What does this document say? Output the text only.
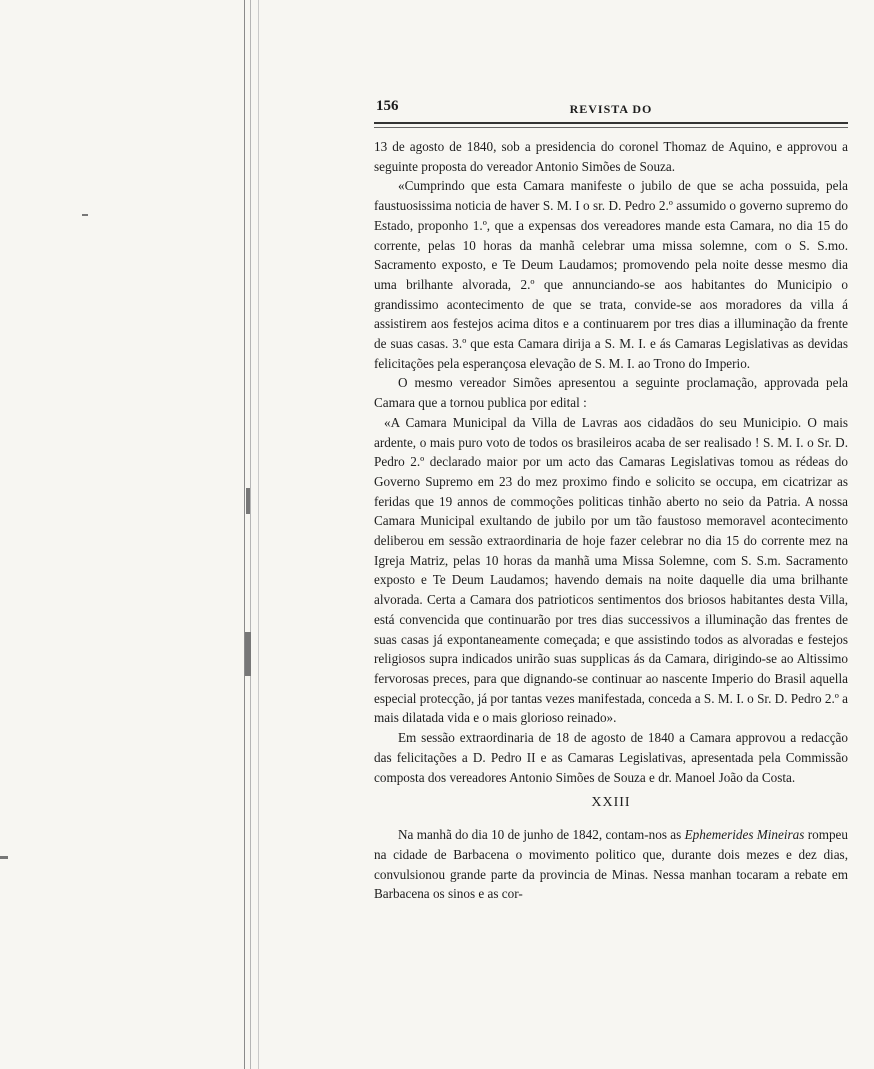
156	REVISTA DO

13 de agosto de 1840, sob a presidencia do coronel Thomaz de Aquino, e approvou a seguinte proposta do vereador Antonio Simões de Souza.

«Cumprindo que esta Camara manifeste o jubilo de que se acha possuida, pela faustuosissima noticia de haver S. M. I o sr. D. Pedro 2.º assumido o governo supremo do Estado, proponho 1.º, que a expensas dos vereadores mande esta Camara, no dia 15 do corrente, pelas 10 horas da manhã celebrar uma missa solemne, com o S. S.mo. Sacramento exposto, e Te Deum Laudamos; promovendo pela noite desse mesmo dia uma brilhante alvorada, 2.º que annunciando-se aos habitantes do Municipio o grandissimo acontecimento de que se trata, convide-se aos moradores da villa á assistirem aos festejos acima ditos e a continuarem por tres dias a illuminação da frente de suas casas. 3.º que esta Camara dirija a S. M. I. e ás Camaras Legislativas as devidas felicitações pela esperançosa elevação de S. M. I. ao Trono do Imperio.

O mesmo vereador Simões apresentou a seguinte proclamação, approvada pela Camara que a tornou publica por edital :

«A Camara Municipal da Villa de Lavras aos cidadãos do seu Municipio. O mais ardente, o mais puro voto de todos os brasileiros acaba de ser realisado ! S. M. I. o Sr. D. Pedro 2.º declarado maior por um acto das Camaras Legislativas tomou as rédeas do Governo Supremo em 23 do mez proximo findo e solicito se occupa, em cicatrizar as feridas que 19 annos de commoções politicas tinhão aberto no seio da Patria. A nossa Camara Municipal exultando de jubilo por um tão faustoso memoravel acontecimento deliberou em sessão extraordinaria de hoje fazer celebrar no dia 15 do corrente mez na Igreja Matriz, pelas 10 horas da manhã uma Missa Solemne, com S. S.m. Sacramento exposto e Te Deum Laudamos; havendo demais na noite daquelle dia uma brilhante alvorada. Certa a Camara dos patrioticos sentimentos dos briosos habitantes desta Villa, está convencida que continuarão por tres dias successivos a illuminação das frentes de suas casas já expontaneamente começada; e que assistindo todos as alvoradas e festejos religiosos supra indicados unirão suas supplicas ás da Camara, dirigindo-se ao Altissimo fervorosas preces, para que dignando-se continuar ao nascente Imperio do Brasil aquella especial protecção, já por tantas vezes manifestada, conceda a S. M. I. o Sr. D. Pedro 2.º a mais dilatada vida e o mais glorioso reinado».

Em sessão extraordinaria de 18 de agosto de 1840 a Camara approvou a redacção das felicitações a D. Pedro II e as Camaras Legislativas, apresentada pela Commissão composta dos vereadores Antonio Simões de Souza e dr. Manoel João da Costa.

XXIII

Na manhã do dia 10 de junho de 1842, contam-nos as Ephemerides Mineiras rompeu na cidade de Barbacena o movimento politico que, durante dois mezes e dez dias, convulsionou grande parte da provincia de Minas. Nessa manhan tocaram a rebate em Barbacena os sinos e as cor-
